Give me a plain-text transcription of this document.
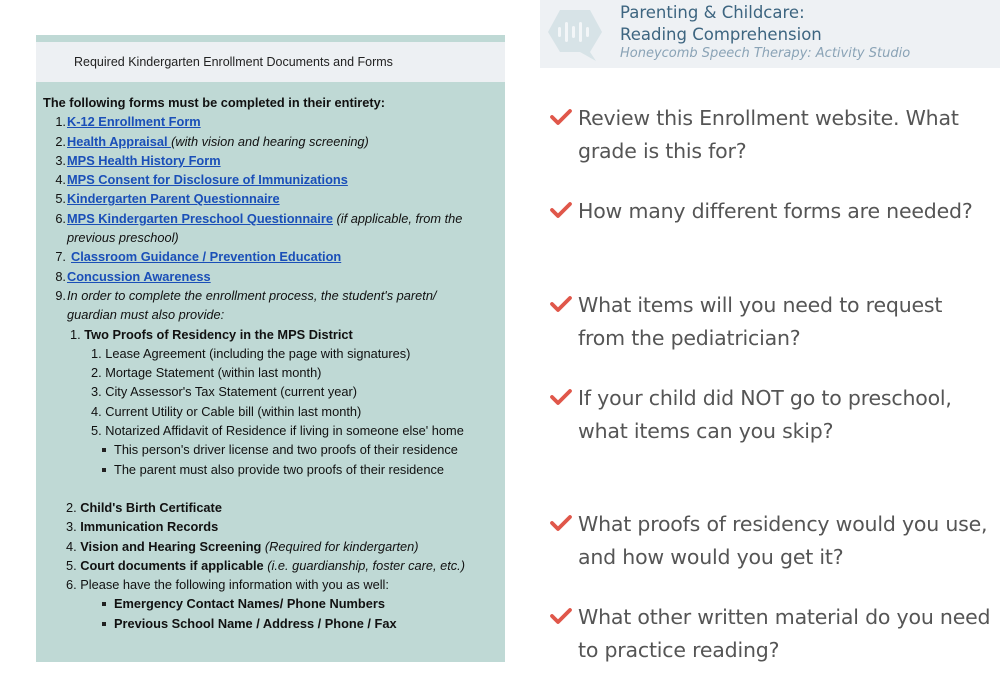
Required Kindergarten Enrollment Documents and Forms
The following forms must be completed in their entirety:
1. K-12 Enrollment Form
2. Health Appraisal (with vision and hearing screening)
3. MPS Health History Form
4. MPS Consent for Disclosure of Immunizations
5. Kindergarten Parent Questionnaire
6. MPS Kindergarten Preschool Questionnaire (if applicable, from the previous preschool)
7. Classroom Guidance / Prevention Education
8. Concussion Awareness
9. In order to complete the enrollment process, the student's paretn/ guardian must also provide:
1. Two Proofs of Residency in the MPS District
1. Lease Agreement (including the page with signatures)
2. Mortage Statement (within last month)
3. City Assessor's Tax Statement (current year)
4. Current Utility or Cable bill (within last month)
5. Notarized Affidavit of Residence if living in someone else' home
This person's driver license and two proofs of their residence
The parent must also provide two proofs of their residence
2. Child's Birth Certificate
3. Immunication Records
4. Vision and Hearing Screening (Required for kindergarten)
5. Court documents if applicable (i.e. guardianship, foster care, etc.)
6. Please have the following information with you as well:
Emergency Contact Names/ Phone Numbers
Previous School Name / Address / Phone / Fax
Parenting & Childcare:
Reading Comprehension
Honeycomb Speech Therapy: Activity Studio
Review this Enrollment website. What grade is this for?
How many different forms are needed?
What items will you need to request from the pediatrician?
If your child did NOT go to preschool, what items can you skip?
What proofs of residency would you use, and how would you get it?
What other written material do you need to practice reading?
